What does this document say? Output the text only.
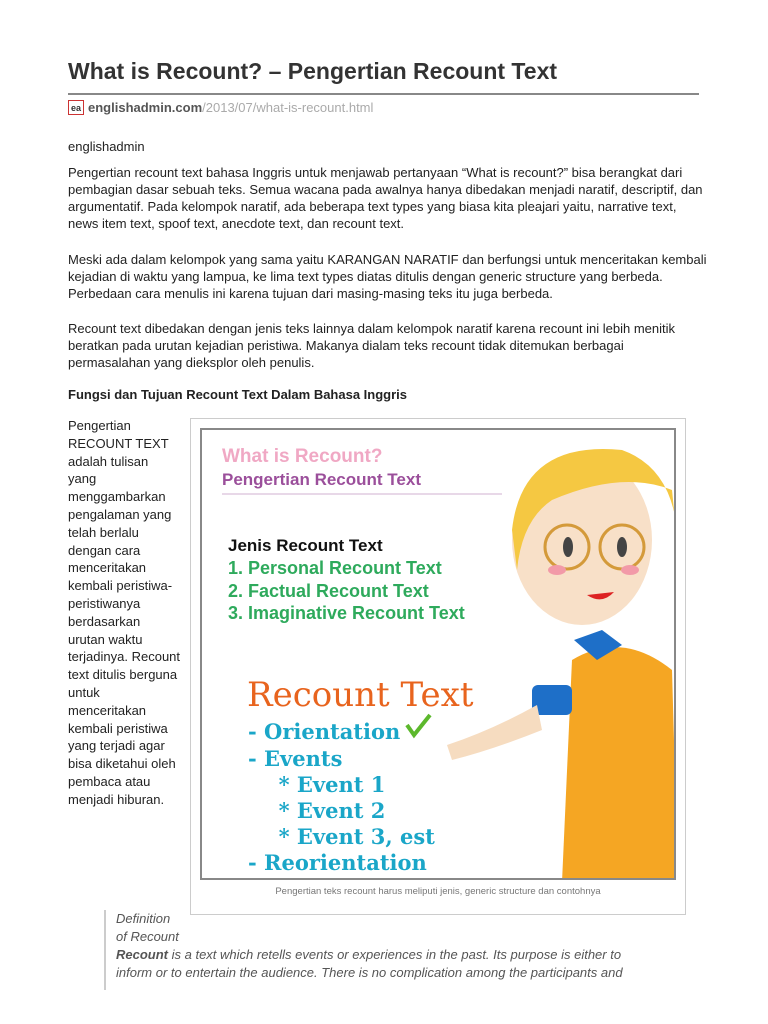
What is Recount? – Pengertian Recount Text
ea englishadmin.com /2013/07/what-is-recount.html
englishadmin
Pengertian recount text bahasa Inggris untuk menjawab pertanyaan “What is recount?” bisa berangkat dari pembagian dasar sebuah teks. Semua wacana pada awalnya hanya dibedakan menjadi naratif, descriptif, dan argumentatif. Pada kelompok naratif, ada beberapa text types yang biasa kita pleajari yaitu, narrative text, news item text, spoof text, anecdote text, dan recount text.
Meski ada dalam kelompok yang sama yaitu KARANGAN NARATIF dan berfungsi untuk menceritakan kembali kejadian di waktu yang lampua, ke lima text types diatas ditulis dengan generic structure yang berbeda. Perbedaan cara menulis ini karena tujuan dari masing-masing teks itu juga berbeda.
Recount text dibedakan dengan jenis teks lainnya dalam kelompok naratif karena recount ini lebih menitik beratkan pada urutan kejadian peristiwa. Makanya dialam teks recount tidak ditemukan berbagai permasalahan yang dieksplor oleh penulis.
Fungsi dan Tujuan Recount Text Dalam Bahasa Inggris
Pengertian RECOUNT TEXT adalah tulisan yang menggambarkan pengalaman yang telah berlalu dengan cara menceritakan kembali peristiwa-peristiwanya berdasarkan urutan waktu terjadinya. Recount text ditulis berguna untuk menceritakan kembali peristiwa yang terjadi agar bisa diketahui oleh pembaca atau menjadi hiburan.
What is Recount?
Pengertian Recount Text
Jenis Recount Text
1. Personal Recount Text
2. Factual Recount Text
3. Imaginative Recount Text
Recount Text
- Orientation
- Events
* Event 1
* Event 2
* Event 3, est
- Reorientation
Pengertian teks recount harus meliputi jenis, generic structure dan contohnya
Definition
of Recount
Recount is a text which retells events or experiences in the past. Its purpose is either to
inform or to entertain the audience. There is no complication among the participants and
